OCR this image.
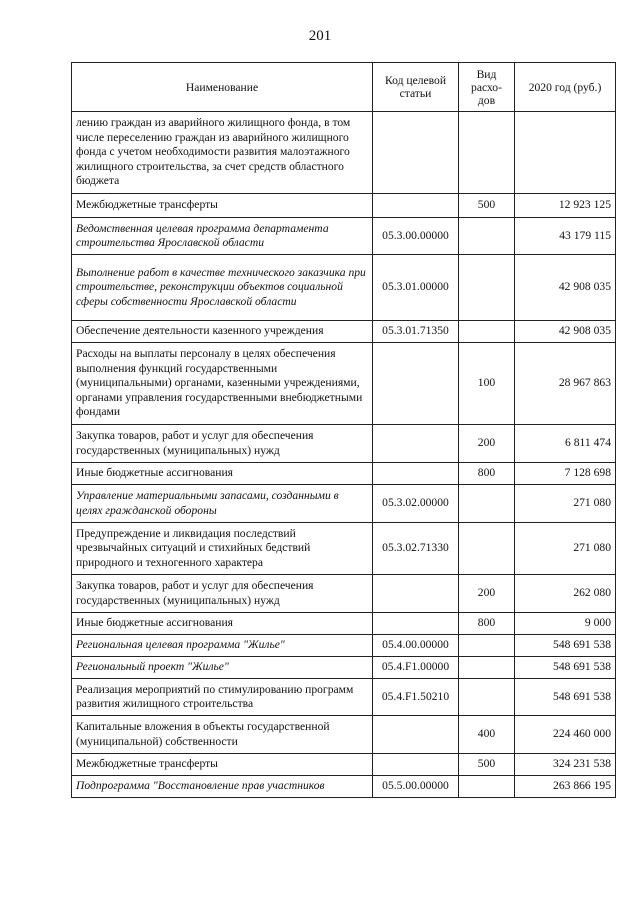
201
Наименование	Код целевой статьи	Вид расхо-дов	2020 год (руб.)
лению граждан из аварийного жилищного фонда, в том числе переселению граждан из аварийного жилищного фонда с учетом необходимости развития малоэтажного жилищного строительства, за счет средств областного бюджета			
Межбюджетные трансферты		500	12 923 125
Ведомственная целевая программа департамента строительства Ярославской области	05.3.00.00000		43 179 115
Выполнение работ в качестве технического заказчика при строительстве, реконструкции объектов социальной сферы собственности Ярославской области	05.3.01.00000		42 908 035
Обеспечение деятельности казенного учреждения	05.3.01.71350		42 908 035
Расходы на выплаты персоналу в целях обеспечения выполнения функций государственными (муниципальными) органами, казенными учреждениями, органами управления государственными внебюджетными фондами		100	28 967 863
Закупка товаров, работ и услуг для обеспечения государственных (муниципальных) нужд		200	6 811 474
Иные бюджетные ассигнования		800	7 128 698
Управление материальными запасами, созданными в целях гражданской обороны	05.3.02.00000		271 080
Предупреждение и ликвидация последствий чрезвычайных ситуаций и стихийных бедствий природного и техногенного характера	05.3.02.71330		271 080
Закупка товаров, работ и услуг для обеспечения государственных (муниципальных) нужд		200	262 080
Иные бюджетные ассигнования		800	9 000
Региональная целевая программа "Жилье"	05.4.00.00000		548 691 538
Региональный проект "Жилье"	05.4.F1.00000		548 691 538
Реализация мероприятий по стимулированию программ развития жилищного строительства	05.4.F1.50210		548 691 538
Капитальные вложения в объекты государственной (муниципальной) собственности		400	224 460 000
Межбюджетные трансферты		500	324 231 538
Подпрограмма "Восстановление прав участников	05.5.00.00000		263 866 195
